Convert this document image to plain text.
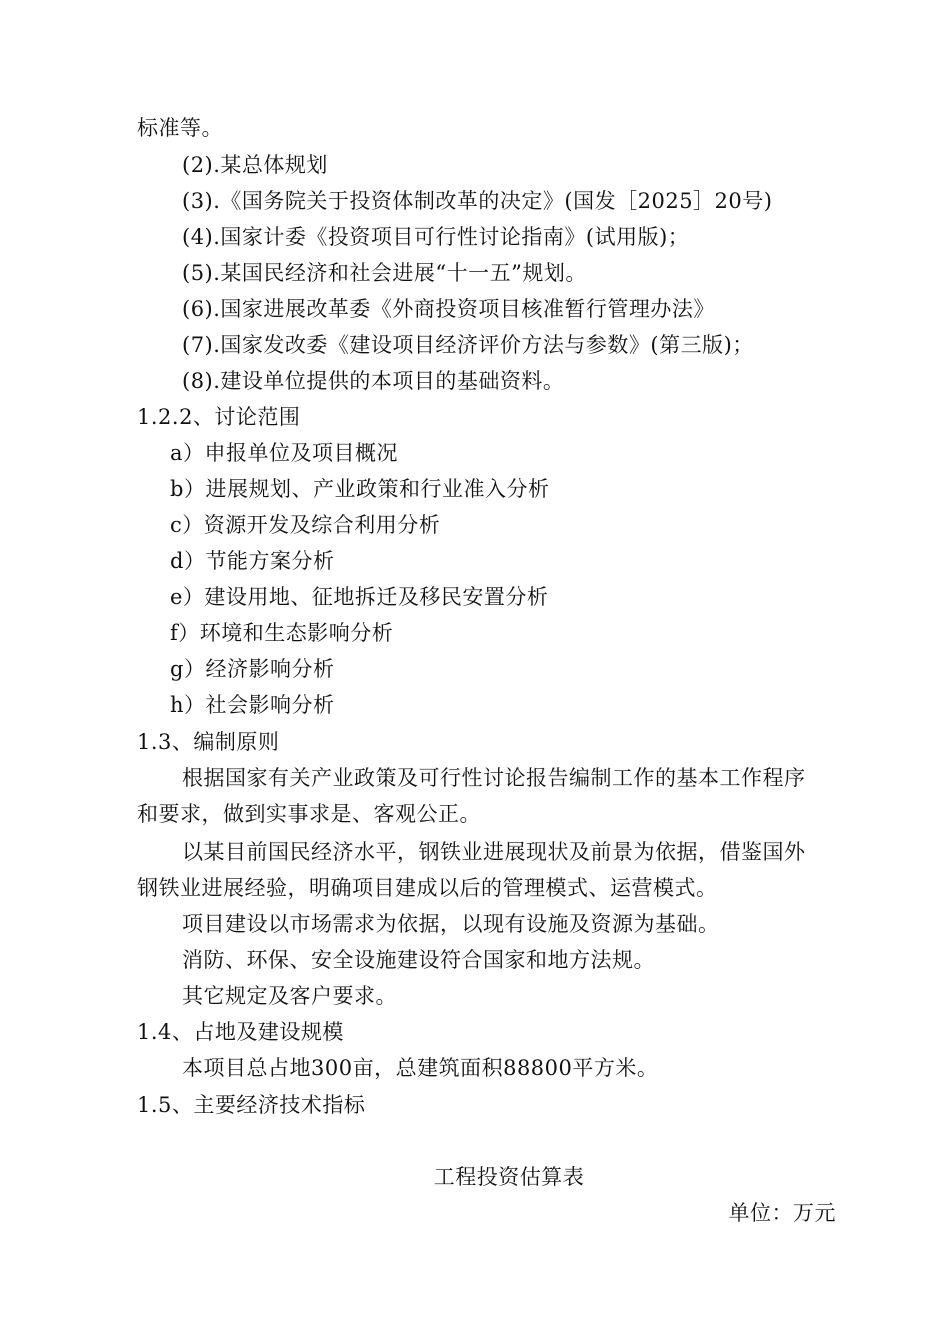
标准等。
(2).某总体规划
(3).《国务院关于投资体制改革的决定》(国发［2025］20号)
(4).国家计委《投资项目可行性讨论指南》(试用版)；
(5).某国民经济和社会进展“十一五”规划。
(6).国家进展改革委《外商投资项目核准暂行管理办法》
(7).国家发改委《建设项目经济评价方法与参数》(第三版)；
(8).建设单位提供的本项目的基础资料。
1.2.2、讨论范围
a）申报单位及项目概况
b）进展规划、产业政策和行业准入分析
c）资源开发及综合利用分析
d）节能方案分析
e）建设用地、征地拆迁及移民安置分析
f）环境和生态影响分析
g）经济影响分析
h）社会影响分析
1.3、编制原则
根据国家有关产业政策及可行性讨论报告编制工作的基本工作程序
和要求，做到实事求是、客观公正。
以某目前国民经济水平，钢铁业进展现状及前景为依据，借鉴国外
钢铁业进展经验，明确项目建成以后的管理模式、运营模式。
项目建设以市场需求为依据，以现有设施及资源为基础。
消防、环保、安全设施建设符合国家和地方法规。
其它规定及客户要求。
1.4、占地及建设规模
本项目总占地300亩，总建筑面积88800平方米。
1.5、主要经济技术指标
工程投资估算表
单位：万元
